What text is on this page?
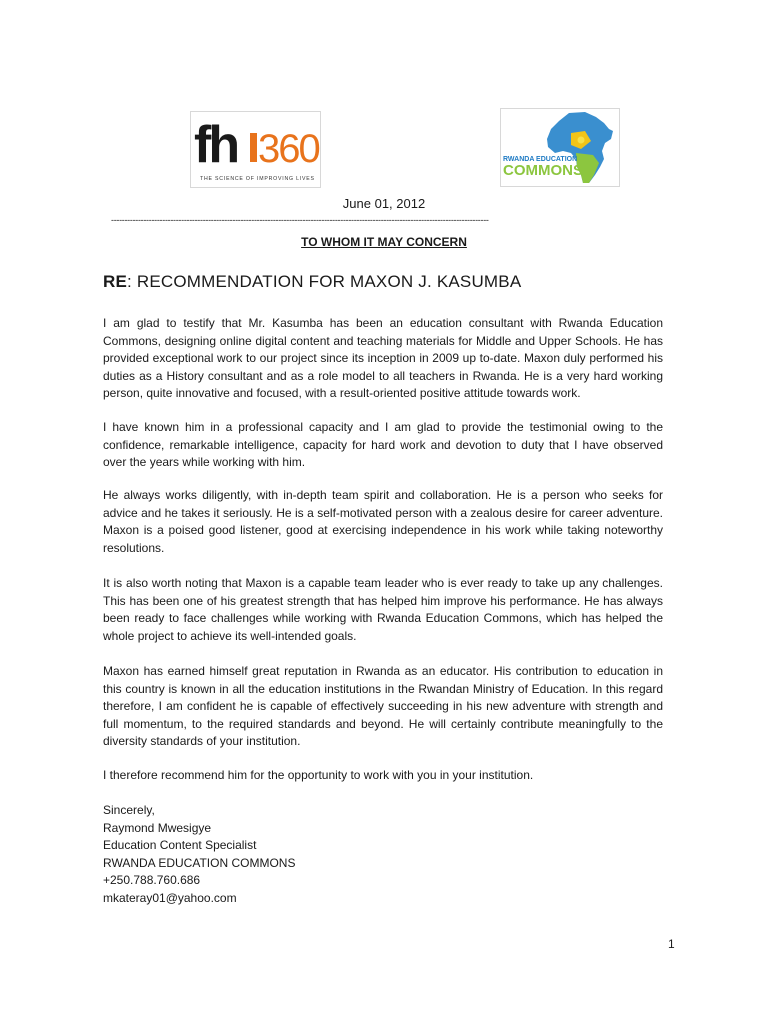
fh 360
THE SCIENCE OF IMPROVING LIVES
RWANDA EDUCATION
COMMONS
June 01, 2012
--------------------------------------------------------------------------------------------------------------------------------------------
TO WHOM IT MAY CONCERN
RE: RECOMMENDATION FOR MAXON J. KASUMBA

I am glad to testify that Mr. Kasumba has been an education consultant with Rwanda Education Commons, designing online digital content and teaching materials for Middle and Upper Schools. He has provided exceptional work to our project since its inception in 2009 up to-date. Maxon duly performed his duties as a History consultant and as a role model to all teachers in Rwanda. He is a very hard working person, quite innovative and focused, with a result-oriented positive attitude towards work.

I have known him in a professional capacity and I am glad to provide the testimonial owing to the confidence, remarkable intelligence, capacity for hard work and devotion to duty that I have observed over the years while working with him.

He always works diligently, with in-depth team spirit and collaboration. He is a person who seeks for advice and he takes it seriously. He is a self-motivated person with a zealous desire for career adventure. Maxon is a poised good listener, good at exercising independence in his work while taking noteworthy resolutions.

It is also worth noting that Maxon is a capable team leader who is ever ready to take up any challenges. This has been one of his greatest strength that has helped him improve his performance. He has always been ready to face challenges while working with Rwanda Education Commons, which has helped the whole project to achieve its well-intended goals.

Maxon has earned himself great reputation in Rwanda as an educator. His contribution to education in this country is known in all the education institutions in the Rwandan Ministry of Education. In this regard therefore, I am confident he is capable of effectively succeeding in his new adventure with strength and full momentum, to the required standards and beyond. He will certainly contribute meaningfully to the diversity standards of your institution.

I therefore recommend him for the opportunity to work with you in your institution.

Sincerely,
Raymond Mwesigye
Education Content Specialist
RWANDA EDUCATION COMMONS
+250.788.760.686
mkateray01@yahoo.com
1
